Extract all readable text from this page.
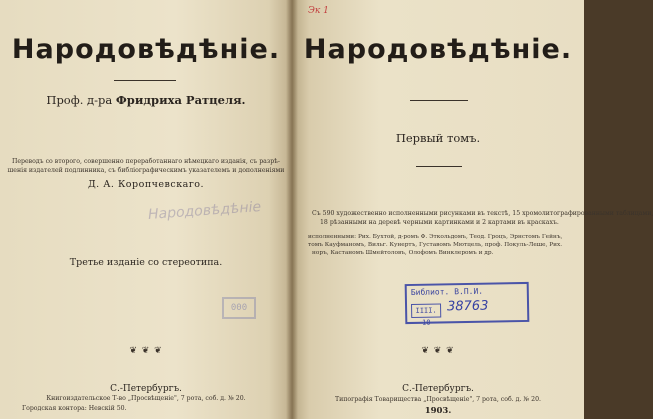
Народовѣдѣніе.
Проф. д-ра Фридриха Ратцеля.
Переводъ со второго, совершенно переработаннаго нѣмецкаго изданія, съ разрѣ-
шенія издателей подлинника, съ библіографическимъ указателемъ и дополненіями
Д. А. Коропчевскаго.
Народовѣдѣніе
Третье изданіе со стереотипа.
❦ ❦ ❦
С.-Петербургъ.
Книгоиздательское Т-во „Просвѣщеніе", 7 рота, соб. д. № 20.
Городская контора: Невскій 50.
000
Эк 1
Народовѣдѣніе.
Первый томъ.
Съ 590 художественно исполненными рисунками въ текстѣ, 15 хромолитографированными таблицами,
18 рѣзанными на деревѣ черными картинками и 2 картами въ краскахъ.
исполненными: Рих. Бухтой, д-ромъ Ф. Эткольдомъ, Теод. Гроцъ, Эрнстомъ Гейнъ,
томъ Кауфманомъ, Вильг. Кунертъ, Густавомъ Мютцель, проф. Покуль-Леше, Рих.
норъ, Кастаномъ Шмейтоловъ, Олофомъ Винклеромъ и др.
Библиот. В.П.И.
ІІІІ. 10
38763
❦ ❦ ❦
С.-Петербургъ.
Типографія Товарищества „Просвѣщеніе", 7 рота, соб. д. № 20.
1903.
